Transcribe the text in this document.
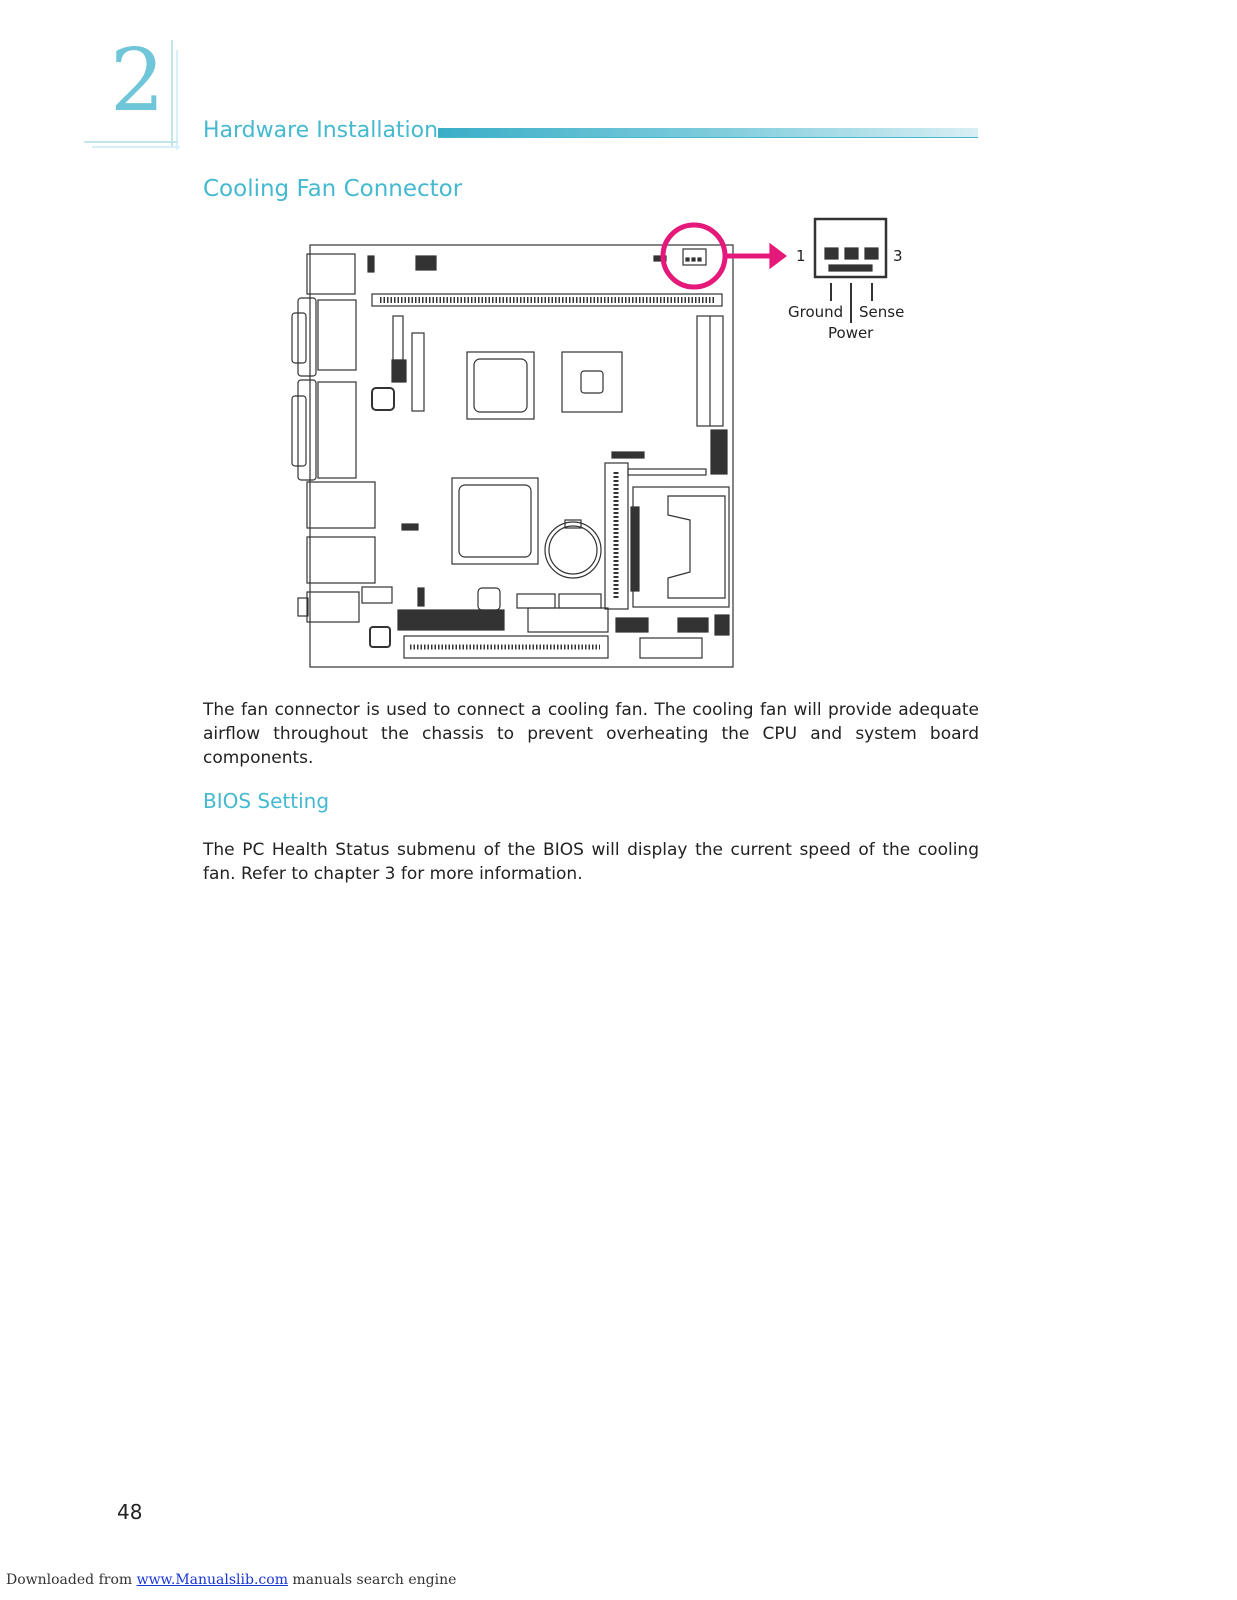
2 Hardware Installation
Cooling Fan Connector
1	3
Ground Sense
Power
The fan connector is used to connect a cooling fan. The cooling fan will provide adequate airflow throughout the chassis to prevent overheating the CPU and system board components.
BIOS Setting
The PC Health Status submenu of the BIOS will display the current speed of the cooling fan. Refer to chapter 3 for more information.
48
Downloaded from www.Manualslib.com manuals search engine
